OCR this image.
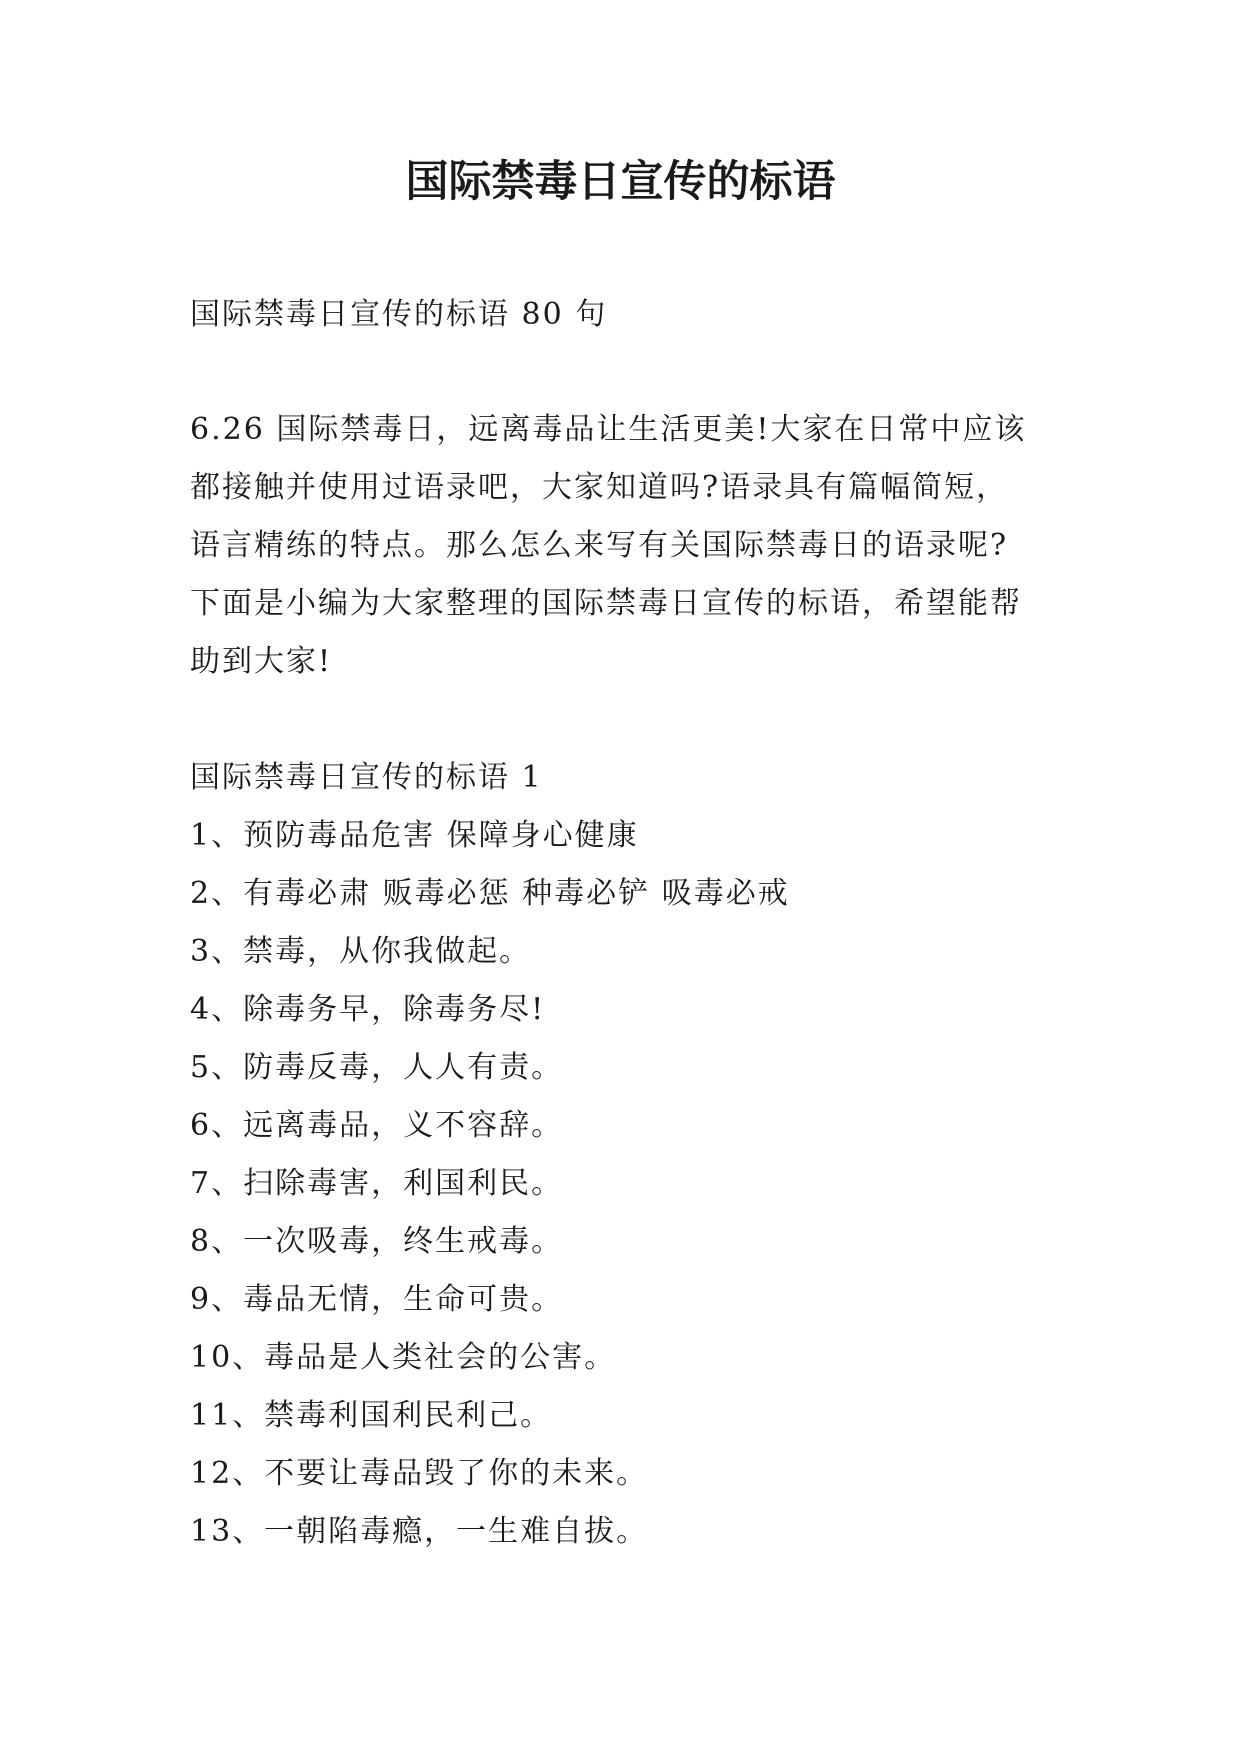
国际禁毒日宣传的标语
国际禁毒日宣传的标语 80 句
6.26 国际禁毒日，远离毒品让生活更美!大家在日常中应该
都接触并使用过语录吧，大家知道吗?语录具有篇幅简短，
语言精练的特点。那么怎么来写有关国际禁毒日的语录呢?
下面是小编为大家整理的国际禁毒日宣传的标语，希望能帮
助到大家!
国际禁毒日宣传的标语 1
1、预防毒品危害 保障身心健康
2、有毒必肃 贩毒必惩 种毒必铲 吸毒必戒
3、禁毒，从你我做起。
4、除毒务早，除毒务尽!
5、防毒反毒，人人有责。
6、远离毒品，义不容辞。
7、扫除毒害，利国利民。
8、一次吸毒，终生戒毒。
9、毒品无情，生命可贵。
10、毒品是人类社会的公害。
11、禁毒利国利民利己。
12、不要让毒品毁了你的未来。
13、一朝陷毒瘾，一生难自拔。
